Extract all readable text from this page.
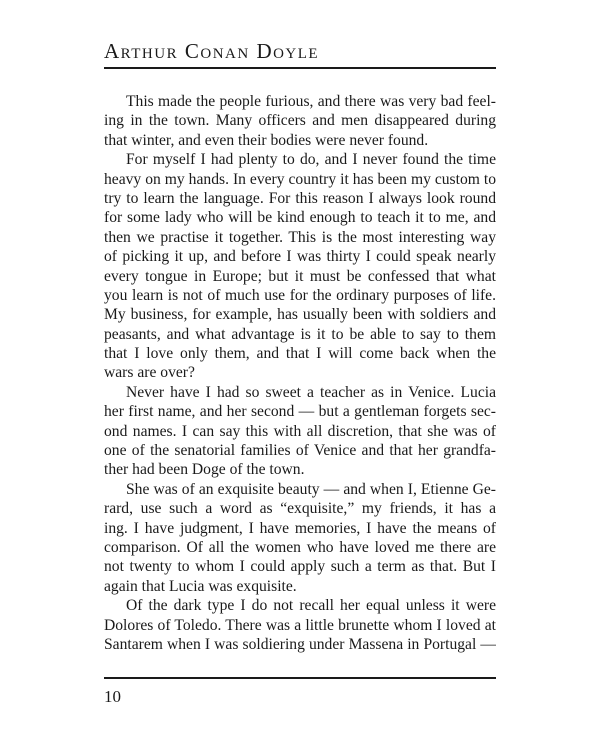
Arthur Conan Doyle

This made the people furious, and there was very bad feel-
ing in the town. Many officers and men disappeared during
that winter, and even their bodies were never found.

For myself I had plenty to do, and I never found the time
heavy on my hands. In every country it has been my custom to
try to learn the language. For this reason I always look round
for some lady who will be kind enough to teach it to me, and
then we practise it together. This is the most interesting way
of picking it up, and before I was thirty I could speak nearly
every tongue in Europe; but it must be confessed that what
you learn is not of much use for the ordinary purposes of life.
My business, for example, has usually been with soldiers and
peasants, and what advantage is it to be able to say to them
that I love only them, and that I will come back when the
wars are over?

Never have I had so sweet a teacher as in Venice. Lucia
her first name, and her second — but a gentleman forgets sec-
ond names. I can say this with all discretion, that she was of
one of the senatorial families of Venice and that her grandfa-
ther had been Doge of the town.

She was of an exquisite beauty — and when I, Etienne Ge-
rard, use such a word as “exquisite,” my friends, it has a
ing. I have judgment, I have memories, I have the means of
comparison. Of all the women who have loved me there are
not twenty to whom I could apply such a term as that. But I
again that Lucia was exquisite.

Of the dark type I do not recall her equal unless it were
Dolores of Toledo. There was a little brunette whom I loved at
Santarem when I was soldiering under Massena in Portugal —

10
